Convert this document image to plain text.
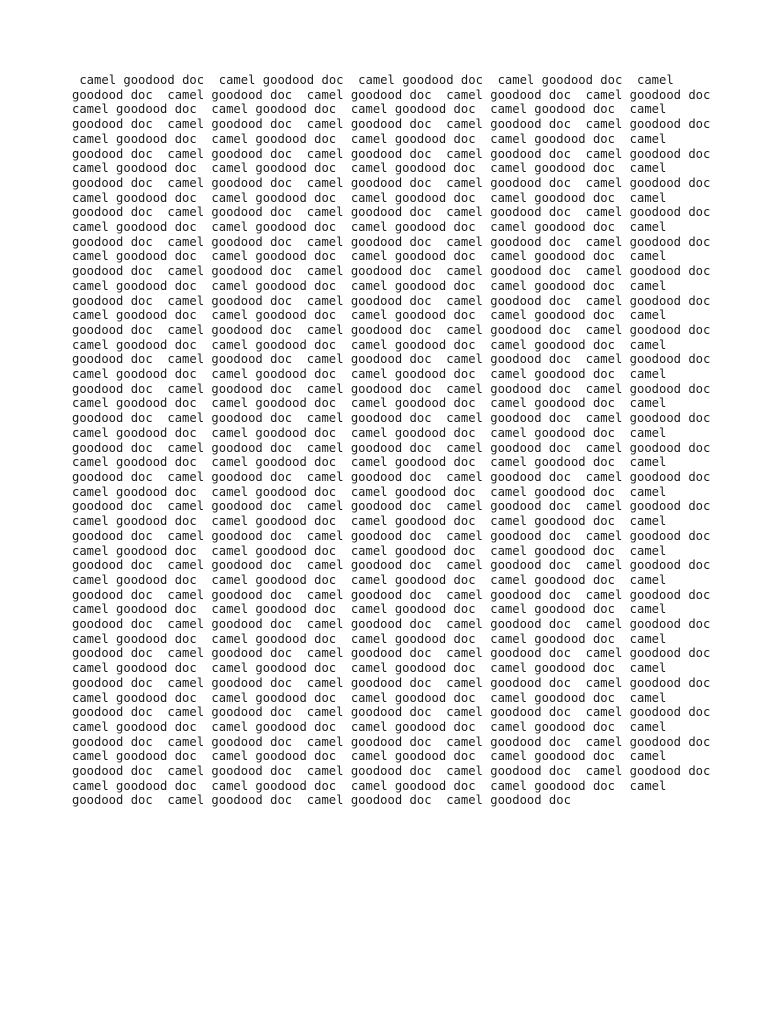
camel goodood doc  camel goodood doc  camel goodood doc  camel goodood doc  camel goodood doc  camel goodood doc  camel goodood doc  camel goodood doc  camel goodood doc  camel goodood doc  camel goodood doc  camel goodood doc  camel goodood doc  camel goodood doc  camel goodood doc  camel goodood doc  camel goodood doc  camel goodood doc  camel goodood doc  camel goodood doc  camel goodood doc  camel goodood doc  camel goodood doc  camel goodood doc  camel goodood doc  camel goodood doc  camel goodood doc  camel goodood doc  camel goodood doc  camel goodood doc  camel goodood doc  camel goodood doc  camel goodood doc  camel goodood doc  camel goodood doc  camel goodood doc  camel goodood doc  camel goodood doc  camel goodood doc  camel goodood doc  camel goodood doc  camel goodood doc  camel goodood doc  camel goodood doc  camel goodood doc  camel goodood doc  camel goodood doc  camel goodood doc  camel goodood doc  camel goodood doc  camel goodood doc  camel goodood doc  camel goodood doc  camel goodood doc  camel goodood doc  camel goodood doc  camel goodood doc  camel goodood doc  camel goodood doc  camel goodood doc  camel goodood doc  camel goodood doc  camel goodood doc  camel goodood doc  camel goodood doc  camel goodood doc  camel goodood doc  camel goodood doc  camel goodood doc  camel goodood doc  camel goodood doc  camel goodood doc  camel goodood doc  camel goodood doc  camel goodood doc  camel goodood doc  camel goodood doc  camel goodood doc  camel goodood doc  camel goodood doc  camel goodood doc  camel goodood doc  camel goodood doc  camel goodood doc  camel goodood doc  camel goodood doc  camel goodood doc  camel goodood doc  camel goodood doc  camel goodood doc  camel goodood doc  camel goodood doc  camel goodood doc  camel goodood doc  camel goodood doc  camel goodood doc  camel goodood doc  camel goodood doc  camel goodood doc  camel goodood doc  camel goodood doc  camel goodood doc  camel goodood doc  camel goodood doc  camel goodood doc  camel goodood doc  camel goodood doc  camel goodood doc  camel goodood doc  camel goodood doc  camel goodood doc  camel goodood doc  camel goodood doc  camel goodood doc  camel goodood doc  camel goodood doc  camel goodood doc  camel goodood doc  camel goodood doc  camel goodood doc  camel goodood doc  camel goodood doc  camel goodood doc  camel goodood doc  camel goodood doc  camel goodood doc  camel goodood doc  camel goodood doc  camel goodood doc  camel goodood doc  camel goodood doc  camel goodood doc  camel goodood doc  camel goodood doc  camel goodood doc  camel goodood doc  camel goodood doc  camel goodood doc  camel goodood doc  camel goodood doc  camel goodood doc  camel goodood doc  camel goodood doc  camel goodood doc  camel goodood doc  camel goodood doc  camel goodood doc  camel goodood doc  camel goodood doc  camel goodood doc  camel goodood doc  camel goodood doc  camel goodood doc  camel goodood doc  camel goodood doc  camel goodood doc  camel goodood doc  camel goodood doc  camel goodood doc  camel goodood doc  camel goodood doc  camel goodood doc  camel goodood doc  camel goodood doc  camel goodood doc  camel goodood doc  camel goodood doc  camel goodood doc  camel goodood doc  camel goodood doc  camel goodood doc  camel goodood doc  camel goodood doc  camel goodood doc  camel goodood doc  camel goodood doc  camel goodood doc  camel goodood doc  camel goodood doc  camel goodood doc  camel goodood doc  camel goodood doc  camel goodood doc  camel goodood doc  camel goodood doc  camel goodood doc  camel goodood doc  camel goodood doc  camel goodood doc  camel goodood doc  camel goodood doc  camel goodood doc  camel goodood doc  camel goodood doc  camel goodood doc  camel goodood doc  camel goodood doc  camel goodood doc  camel goodood doc  camel goodood doc  camel goodood doc  camel goodood doc  camel goodood doc  camel goodood doc  camel goodood doc  camel goodood doc  camel goodood doc  camel goodood doc  camel goodood doc  camel goodood doc  camel goodood doc  camel goodood doc  camel goodood doc  camel goodood doc  camel goodood doc  camel goodood doc  camel goodood doc  camel goodood doc  camel goodood doc  camel goodood doc  camel goodood doc  camel goodood doc  camel goodood doc  camel goodood doc
